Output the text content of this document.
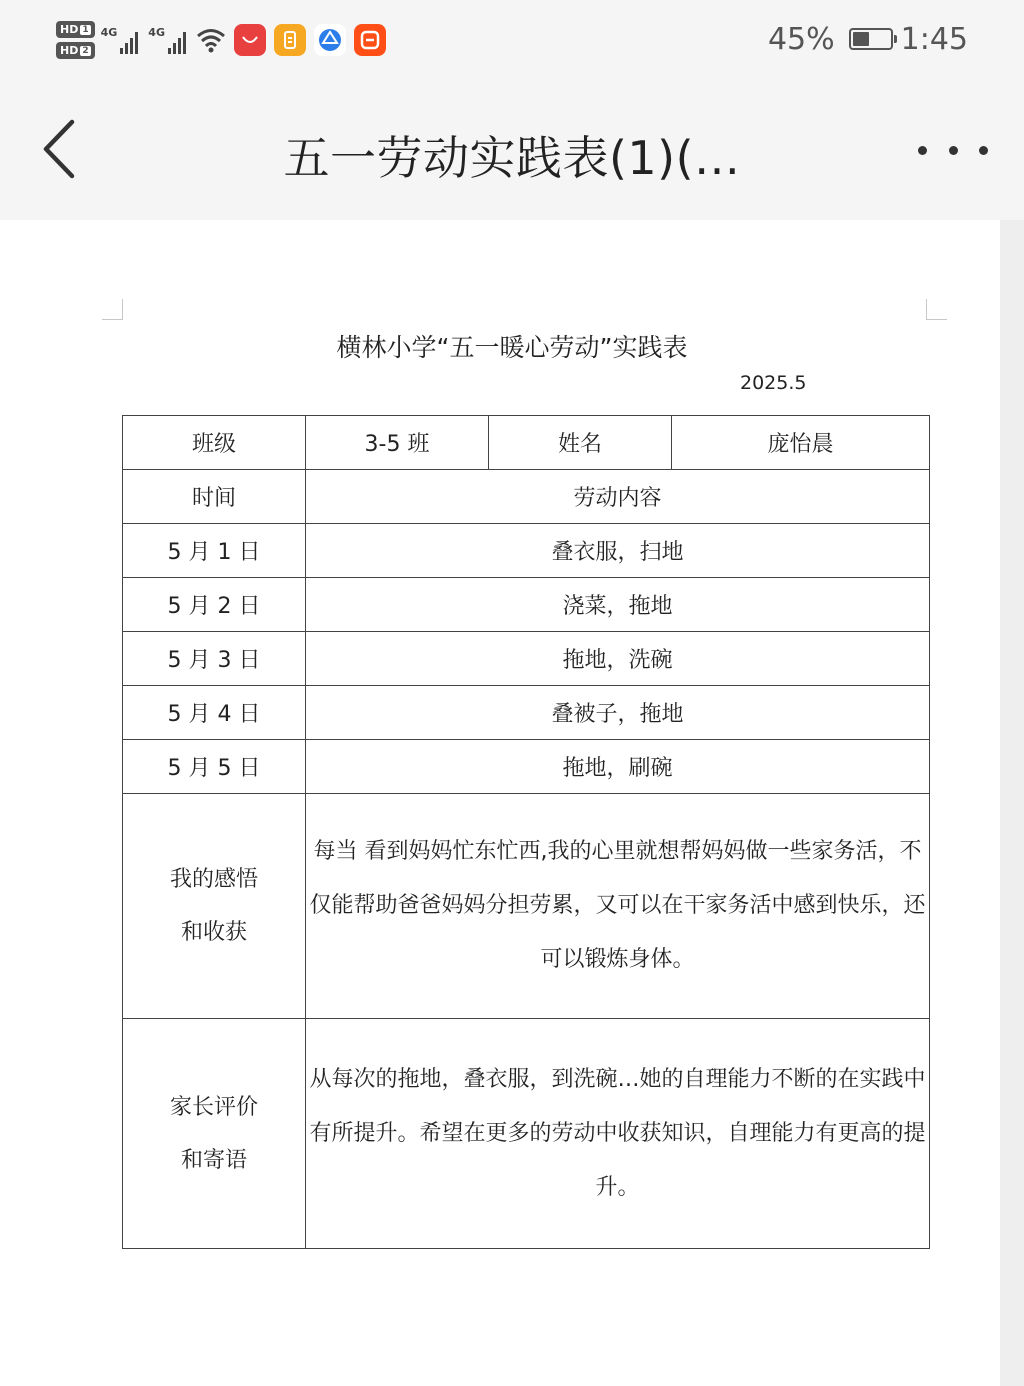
HD 1
HD 2
4G	4G	45% 1:45
五一劳动实践表(1)(…
横林小学“五一暖心劳动”实践表
2025.5
班级	3-5 班	姓名	庞怡晨
时间	劳动内容		
5 月 1 日	叠衣服，扫地		
5 月 2 日	浇菜，拖地		
5 月 3 日	拖地，洗碗		
5 月 4 日	叠被子，拖地		
5 月 5 日	拖地，刷碗		

我的感悟
和收获	每当 看到妈妈忙东忙西,我的心里就想帮妈妈做一些家务活，不仅能帮助爸爸妈妈分担劳累，又可以在干家务活中感到快乐，还可以锻炼身体。		

家长评价
和寄语	从每次的拖地，叠衣服，到洗碗…她的自理能力不断的在实践中有所提升。希望在更多的劳动中收获知识，自理能力有更高的提升。		
